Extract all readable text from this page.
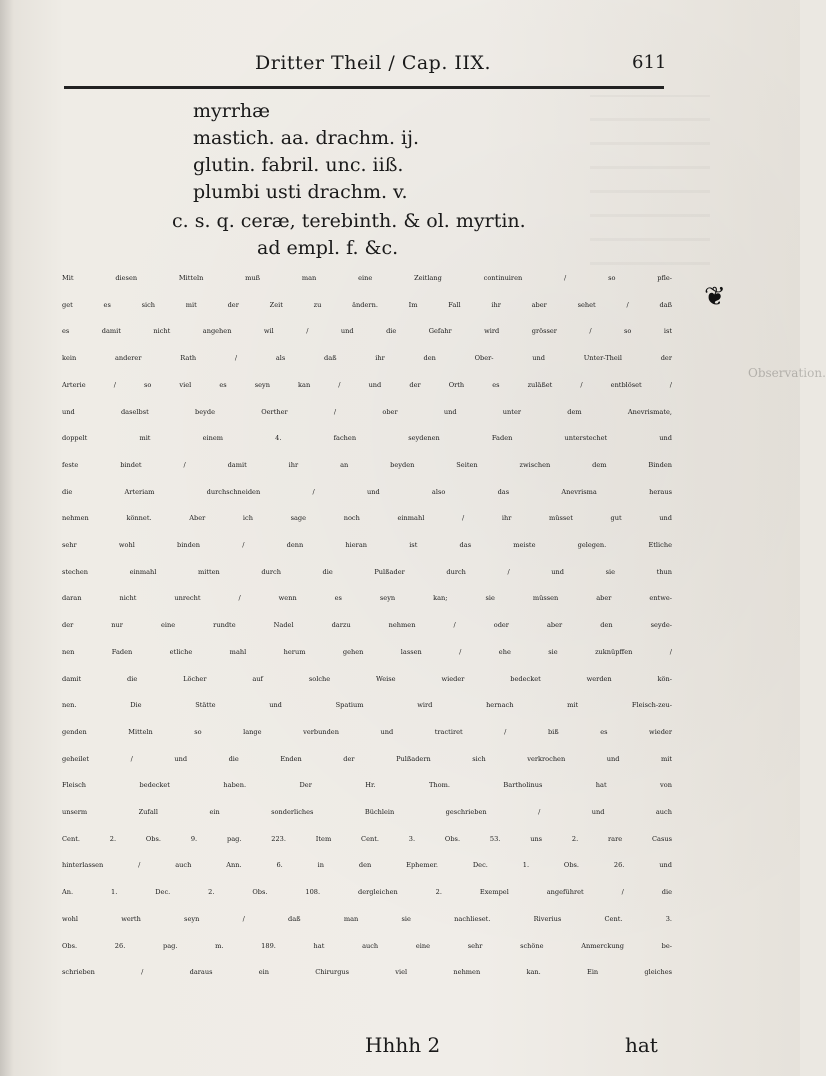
Dritter Theil / Cap. IIX.	611
myrrhæ
mastich. aa. drachm. ij.
glutin. fabril. unc. iiß.
plumbi usti drachm. v.
c. s. q. ceræ, terebinth. & ol. myrtin.
ad empl. f. &c.
Mit diesen Mitteln muß man eine Zeitlang continuiren / so pfle-
get es sich mit der Zeit zu ändern. Im Fall ihr aber sehet / daß
es damit nicht angehen wil / und die Gefahr wird grösser / so ist
kein anderer Rath / als daß ihr den Ober- und Unter-Theil der
Arterie / so viel es seyn kan / und der Orth es zuläßet / entblöset /
und daselbst beyde Oerther / ober und unter dem Anevrismate,
doppelt mit einem 4. fachen seydenen Faden unterstechet und
feste bindet / damit ihr an beyden Seiten zwischen dem Binden
die Arteriam durchschneiden / und also das Anevrisma heraus
nehmen könnet. Aber ich sage noch einmahl / ihr müsset gut und
sehr wohl binden / denn hieran ist das meiste gelegen. Etliche
stechen einmahl mitten durch die Pulßader durch / und sie thun
daran nicht unrecht / wenn es seyn kan; sie müssen aber entwe-
der nur eine rundte Nadel darzu nehmen / oder aber den seyde-
nen Faden etliche mahl herum gehen lassen / ehe sie zuknüpffen /
damit die Löcher auf solche Weise wieder bedecket werden kön-
nen. Die Stätte und Spatium wird hernach mit Fleisch-zeu-
genden Mitteln so lange verbunden und tractiret / biß es wieder
geheilet / und die Enden der Pulßadern sich verkrochen und mit
Fleisch bedecket haben. Der Hr. Thom. Bartholinus hat von
unserm Zufall ein sonderliches Büchlein geschrieben / und auch
Cent. 2. Obs. 9. pag. 223. Item Cent. 3. Obs. 53. uns 2. rare Casus
hinterlassen / auch Ann. 6. in den Ephemer. Dec. 1. Obs. 26. und
An. 1. Dec. 2. Obs. 108. dergleichen 2. Exempel angeführet / die
wohl werth seyn / daß man sie nachlieset. Riverius Cent. 3.
Obs. 26. pag. m. 189. hat auch eine sehr schöne Anmerckung be-
schrieben / daraus ein Chirurgus viel nehmen kan. Ein gleiches
❦
Observation.
Hhhh 2	hat
